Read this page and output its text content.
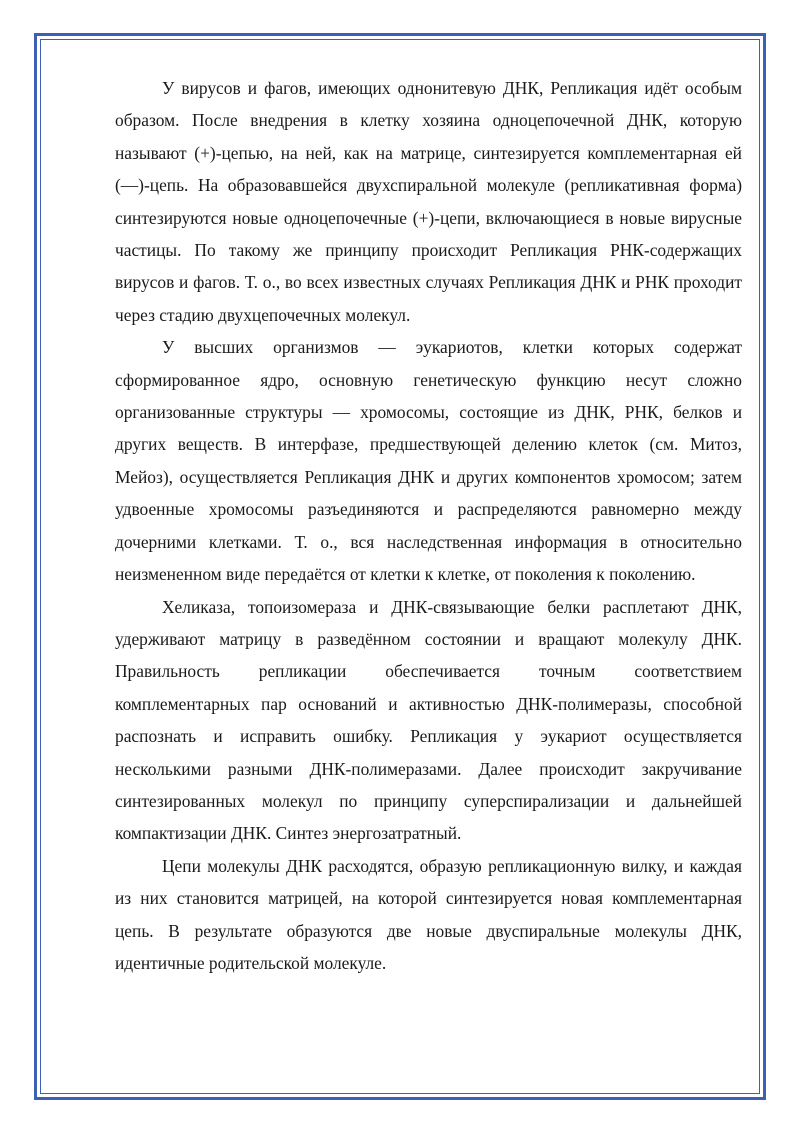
У вирусов и фагов, имеющих однонитевую ДНК, Репликация идёт особым образом. После внедрения в клетку хозяина одноцепочечной ДНК, которую называют (+)-цепью, на ней, как на матрице, синтезируется комплементарная ей (—)-цепь. На образовавшейся двухспиральной молекуле (репликативная форма) синтезируются новые одноцепочечные (+)-цепи, включающиеся в новые вирусные частицы. По такому же принципу происходит Репликация РНК-содержащих вирусов и фагов. Т. о., во всех известных случаях Репликация ДНК и РНК проходит через стадию двухцепочечных молекул.

У высших организмов — эукариотов, клетки которых содержат сформированное ядро, основную генетическую функцию несут сложно организованные структуры — хромосомы, состоящие из ДНК, РНК, белков и других веществ. В интерфазе, предшествующей делению клеток (см. Митоз, Мейоз), осуществляется Репликация ДНК и других компонентов хромосом; затем удвоенные хромосомы разъединяются и распределяются равномерно между дочерними клетками. Т. о., вся наследственная информация в относительно неизмененном виде передаётся от клетки к клетке, от поколения к поколению.

Хеликаза, топоизомераза и ДНК-связывающие белки расплетают ДНК, удерживают матрицу в разведённом состоянии и вращают молекулу ДНК. Правильность репликации обеспечивается точным соответствием комплементарных пар оснований и активностью ДНК-полимеразы, способной распознать и исправить ошибку. Репликация у эукариот осуществляется несколькими разными ДНК-полимеразами. Далее происходит закручивание синтезированных молекул по принципу суперспирализации и дальнейшей компактизации ДНК. Синтез энергозатратный.

Цепи молекулы ДНК расходятся, образую репликационную вилку, и каждая из них становится матрицей, на которой синтезируется новая комплементарная цепь. В результате образуются две новые двуспиральные молекулы ДНК, идентичные родительской молекуле.
